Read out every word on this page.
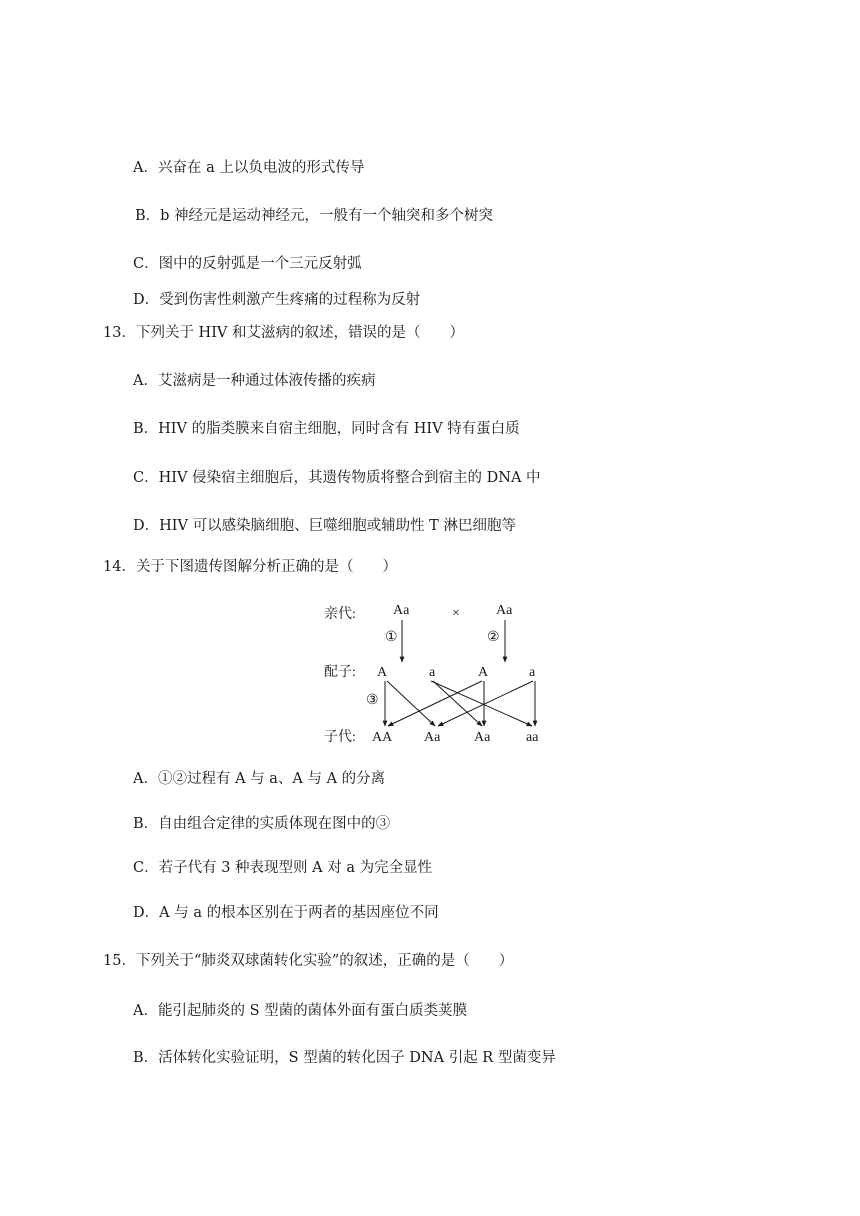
A．兴奋在 a 上以负电波的形式传导
B．b 神经元是运动神经元，一般有一个轴突和多个树突
C．图中的反射弧是一个三元反射弧
D．受到伤害性刺激产生疼痛的过程称为反射
13．下列关于 HIV 和艾滋病的叙述，错误的是（　　）
A．艾滋病是一种通过体液传播的疾病
B．HIV 的脂类膜来自宿主细胞，同时含有 HIV 特有蛋白质
C．HIV 侵染宿主细胞后，其遗传物质将整合到宿主的 DNA 中
D．HIV 可以感染脑细胞、巨噬细胞或辅助性 T 淋巴细胞等
14．关于下图遗传图解分析正确的是（　　）
亲代:
配子:
子代:
Aa	×	Aa
①	②
A	a	A	a
③
AA Aa Aa	aa
A．①②过程有 A 与 a、A 与 A 的分离
B．自由组合定律的实质体现在图中的③
C．若子代有 3 种表现型则 A 对 a 为完全显性
D．A 与 a 的根本区别在于两者的基因座位不同
15．下列关于“肺炎双球菌转化实验”的叙述，正确的是（　　）
A．能引起肺炎的 S 型菌的菌体外面有蛋白质类荚膜
B．活体转化实验证明，S 型菌的转化因子 DNA 引起 R 型菌变异
